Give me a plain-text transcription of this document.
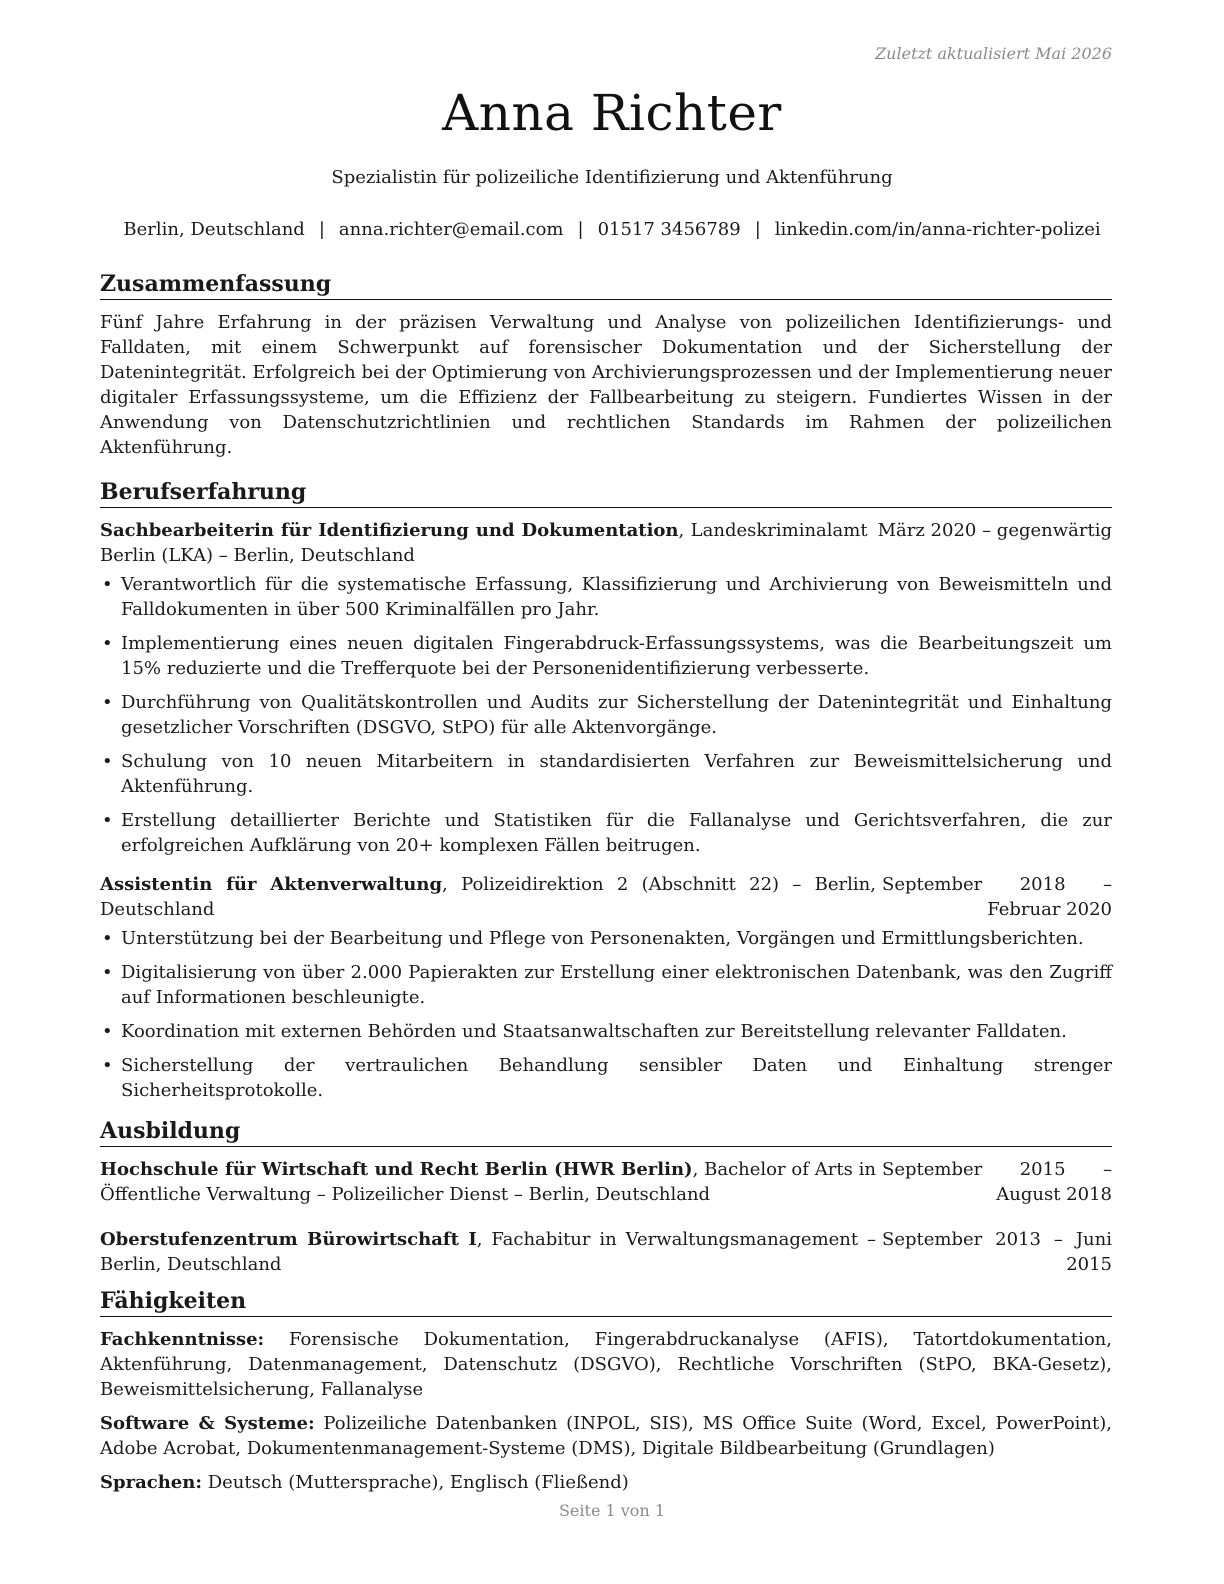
Zuletzt aktualisiert Mai 2026
Anna Richter
Spezialistin für polizeiliche Identifizierung und Aktenführung
Berlin, Deutschland | anna.richter@email.com | 01517 3456789 | linkedin.com/in/anna-richter-polizei
Zusammenfassung

Fünf Jahre Erfahrung in der präzisen Verwaltung und Analyse von polizeilichen Identifizierungs- und Falldaten, mit einem Schwerpunkt auf forensischer Dokumentation und der Sicherstellung der Datenintegrität. Erfolgreich bei der Optimierung von Archivierungsprozessen und der Implementierung neuer digitaler Erfassungssysteme, um die Effizienz der Fallbearbeitung zu steigern. Fundiertes Wissen in der Anwendung von Datenschutzrichtlinien und rechtlichen Standards im Rahmen der polizeilichen Aktenführung.

Berufserfahrung
März 2020 – gegenwärtig
Sachbearbeiterin für Identifizierung und Dokumentation, Landeskriminalamt Berlin (LKA) – Berlin, Deutschland
• Verantwortlich für die systematische Erfassung, Klassifizierung und Archivierung von Beweismitteln und Falldokumenten in über 500 Kriminalfällen pro Jahr.
• Implementierung eines neuen digitalen Fingerabdruck-Erfassungssystems, was die Bearbeitungszeit um 15% reduzierte und die Trefferquote bei der Personenidentifizierung verbesserte.
• Durchführung von Qualitätskontrollen und Audits zur Sicherstellung der Datenintegrität und Einhaltung gesetzlicher Vorschriften (DSGVO, StPO) für alle Aktenvorgänge.
• Schulung von 10 neuen Mitarbeitern in standardisierten Verfahren zur Beweismittelsicherung und Aktenführung.
• Erstellung detaillierter Berichte und Statistiken für die Fallanalyse und Gerichtsverfahren, die zur erfolgreichen Aufklärung von 20+ komplexen Fällen beitrugen.
Assistentin für Aktenverwaltung, Polizeidirektion 2 (Abschnitt 22) – Berlin, Deutschland
September 2018 – Februar 2020
• Unterstützung bei der Bearbeitung und Pflege von Personenakten, Vorgängen und Ermittlungsberichten.
• Digitalisierung von über 2.000 Papierakten zur Erstellung einer elektronischen Datenbank, was den Zugriff auf Informationen beschleunigte.
• Koordination mit externen Behörden und Staatsanwaltschaften zur Bereitstellung relevanter Falldaten.
• Sicherstellung der vertraulichen Behandlung sensibler Daten und Einhaltung strenger Sicherheitsprotokolle.
Ausbildung
Hochschule für Wirtschaft und Recht Berlin (HWR Berlin), Bachelor of Arts in Öffentliche Verwaltung – Polizeilicher Dienst – Berlin, Deutschland
September 2015 – August 2018
Oberstufenzentrum Bürowirtschaft I, Fachabitur in Verwaltungsmanagement – Berlin, Deutschland
September 2013 – Juni 2015
Fähigkeiten

Fachkenntnisse: Forensische Dokumentation, Fingerabdruckanalyse (AFIS), Tatortdokumentation, Aktenführung, Datenmanagement, Datenschutz (DSGVO), Rechtliche Vorschriften (StPO, BKA-Gesetz), Beweismittelsicherung, Fallanalyse

Software & Systeme: Polizeiliche Datenbanken (INPOL, SIS), MS Office Suite (Word, Excel, PowerPoint), Adobe Acrobat, Dokumentenmanagement-Systeme (DMS), Digitale Bildbearbeitung (Grundlagen)

Sprachen: Deutsch (Muttersprache), Englisch (Fließend)

Seite 1 von 1
